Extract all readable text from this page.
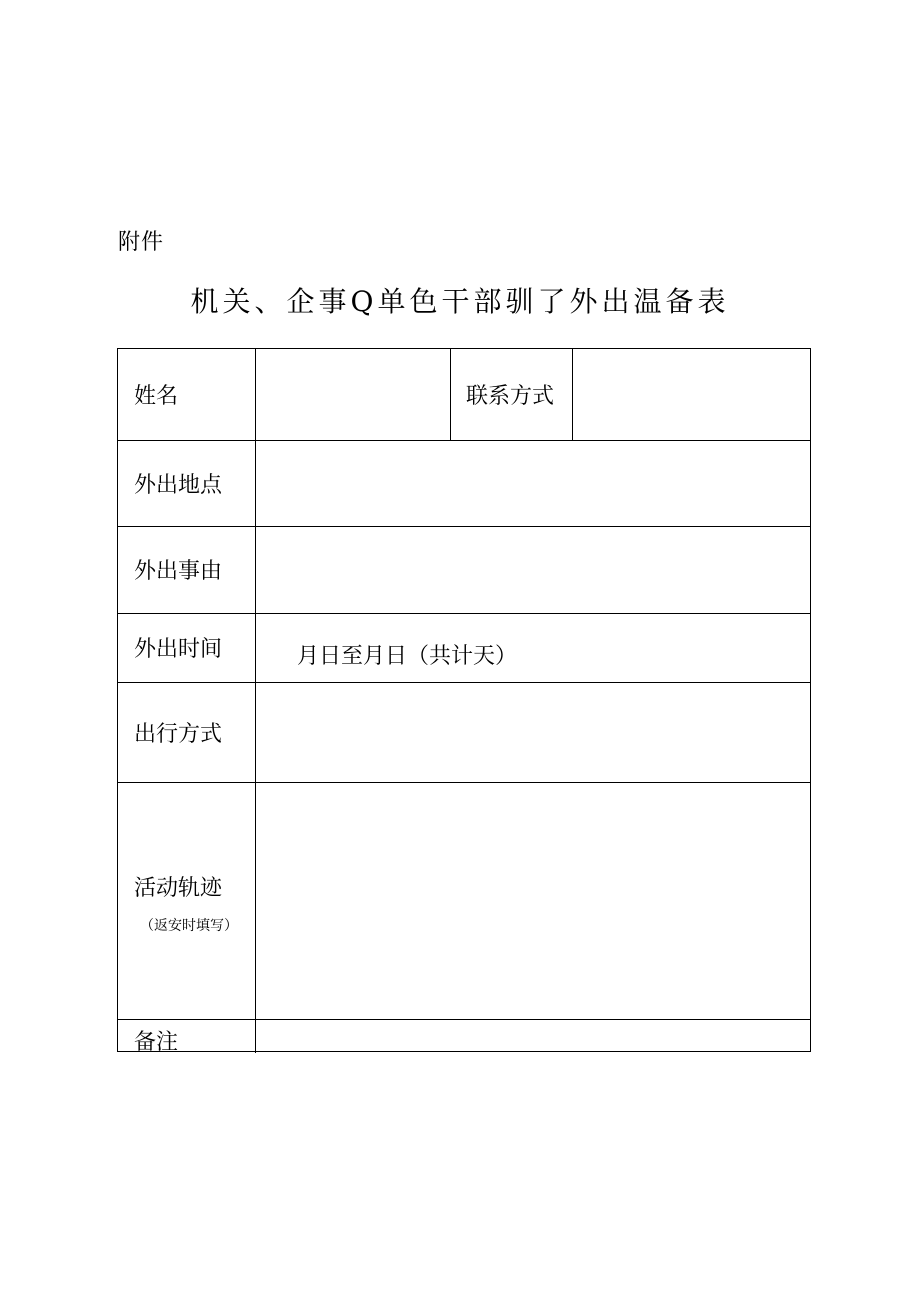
附件
机关、企事Q单色干部驯了外出温备表
姓名	联系方式
外出地点
外出事由
外出时间	月日至月日（共计天）
出行方式
活动轨迹
（返安时填写）
备注
